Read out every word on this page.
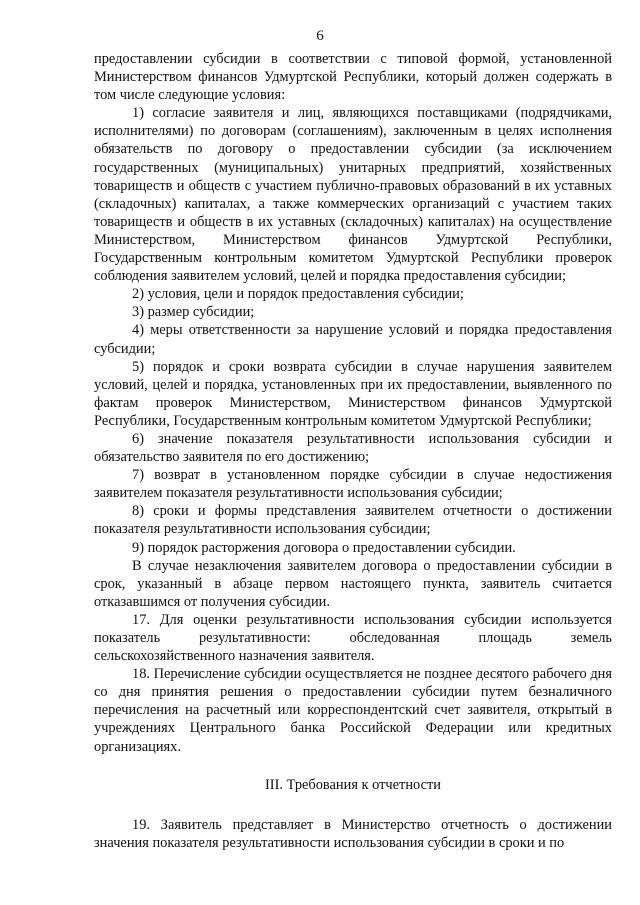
6

предоставлении субсидии в соответствии с типовой формой, установленной Министерством финансов Удмуртской Республики, который должен содержать в том числе следующие условия:

1) согласие заявителя и лиц, являющихся поставщиками (подрядчиками, исполнителями) по договорам (соглашениям), заключенным в целях исполнения обязательств по договору о предоставлении субсидии (за исключением государственных (муниципальных) унитарных предприятий, хозяйственных товариществ и обществ с участием публично-правовых образований в их уставных (складочных) капиталах, а также коммерческих организаций с участием таких товариществ и обществ в их уставных (складочных) капиталах) на осуществление Министерством, Министерством финансов Удмуртской Республики, Государственным контрольным комитетом Удмуртской Республики проверок соблюдения заявителем условий, целей и порядка предоставления субсидии;

2) условия, цели и порядок предоставления субсидии;

3) размер субсидии;

4) меры ответственности за нарушение условий и порядка предоставления субсидии;

5) порядок и сроки возврата субсидии в случае нарушения заявителем условий, целей и порядка, установленных при их предоставлении, выявленного по фактам проверок Министерством, Министерством финансов Удмуртской Республики, Государственным контрольным комитетом Удмуртской Республики;

6) значение показателя результативности использования субсидии и обязательство заявителя по его достижению;

7) возврат в установленном порядке субсидии в случае недостижения заявителем показателя результативности использования субсидии;

8) сроки и формы представления заявителем отчетности о достижении показателя результативности использования субсидии;

9) порядок расторжения договора о предоставлении субсидии.

В случае незаключения заявителем договора о предоставлении субсидии в срок, указанный в абзаце первом настоящего пункта, заявитель считается отказавшимся от получения субсидии.

17. Для оценки результативности использования субсидии используется показатель результативности: обследованная площадь земель сельскохозяйственного назначения заявителя.

18. Перечисление субсидии осуществляется не позднее десятого рабочего дня со дня принятия решения о предоставлении субсидии путем безналичного перечисления на расчетный или корреспондентский счет заявителя, открытый в учреждениях Центрального банка Российской Федерации или кредитных организациях.

III. Требования к отчетности

19. Заявитель представляет в Министерство отчетность о достижении значения показателя результативности использования субсидии в сроки и по
